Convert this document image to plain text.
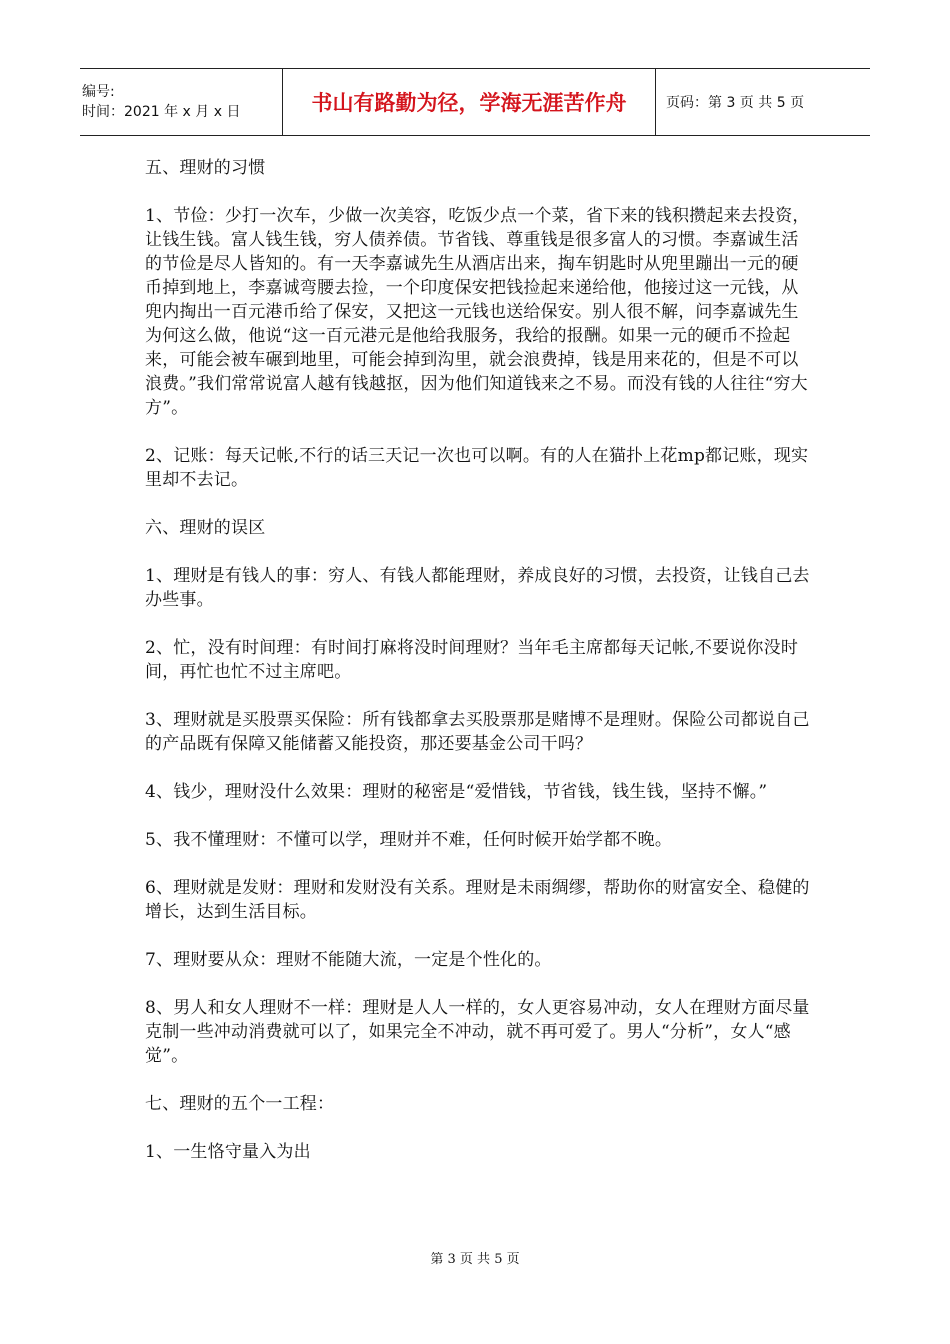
编号:
时间：2021 年 x 月 x 日	书山有路勤为径，学海无涯苦作舟	页码：第 3 页 共 5 页

五、理财的习惯

1、节俭：少打一次车，少做一次美容，吃饭少点一个菜，省下来的钱积攒起来去投资，让钱生钱。富人钱生钱，穷人债养债。节省钱、尊重钱是很多富人的习惯。李嘉诚生活的节俭是尽人皆知的。有一天李嘉诚先生从酒店出来，掏车钥匙时从兜里蹦出一元的硬币掉到地上，李嘉诚弯腰去捡，一个印度保安把钱捡起来递给他，他接过这一元钱，从兜内掏出一百元港币给了保安，又把这一元钱也送给保安。别人很不解，问李嘉诚先生为何这么做，他说“这一百元港元是他给我服务，我给的报酬。如果一元的硬币不捡起来，可能会被车碾到地里，可能会掉到沟里，就会浪费掉，钱是用来花的，但是不可以浪费。”我们常常说富人越有钱越抠，因为他们知道钱来之不易。而没有钱的人往往“穷大方”。

2、记账：每天记帐,不行的话三天记一次也可以啊。有的人在猫扑上花mp都记账，现实里却不去记。

六、理财的误区

1、理财是有钱人的事：穷人、有钱人都能理财，养成良好的习惯，去投资，让钱自己去办些事。

2、忙，没有时间理：有时间打麻将没时间理财？当年毛主席都每天记帐,不要说你没时间，再忙也忙不过主席吧。

3、理财就是买股票买保险：所有钱都拿去买股票那是赌博不是理财。保险公司都说自己的产品既有保障又能储蓄又能投资，那还要基金公司干吗？

4、钱少，理财没什么效果：理财的秘密是“爱惜钱，节省钱，钱生钱，坚持不懈。”

5、我不懂理财：不懂可以学，理财并不难，任何时候开始学都不晚。

6、理财就是发财：理财和发财没有关系。理财是未雨绸缪，帮助你的财富安全、稳健的增长，达到生活目标。

7、理财要从众：理财不能随大流，一定是个性化的。

8、男人和女人理财不一样：理财是人人一样的，女人更容易冲动，女人在理财方面尽量克制一些冲动消费就可以了，如果完全不冲动，就不再可爱了。男人“分析”，女人“感觉”。

七、理财的五个一工程：

1、一生恪守量入为出

第 3 页 共 5 页
